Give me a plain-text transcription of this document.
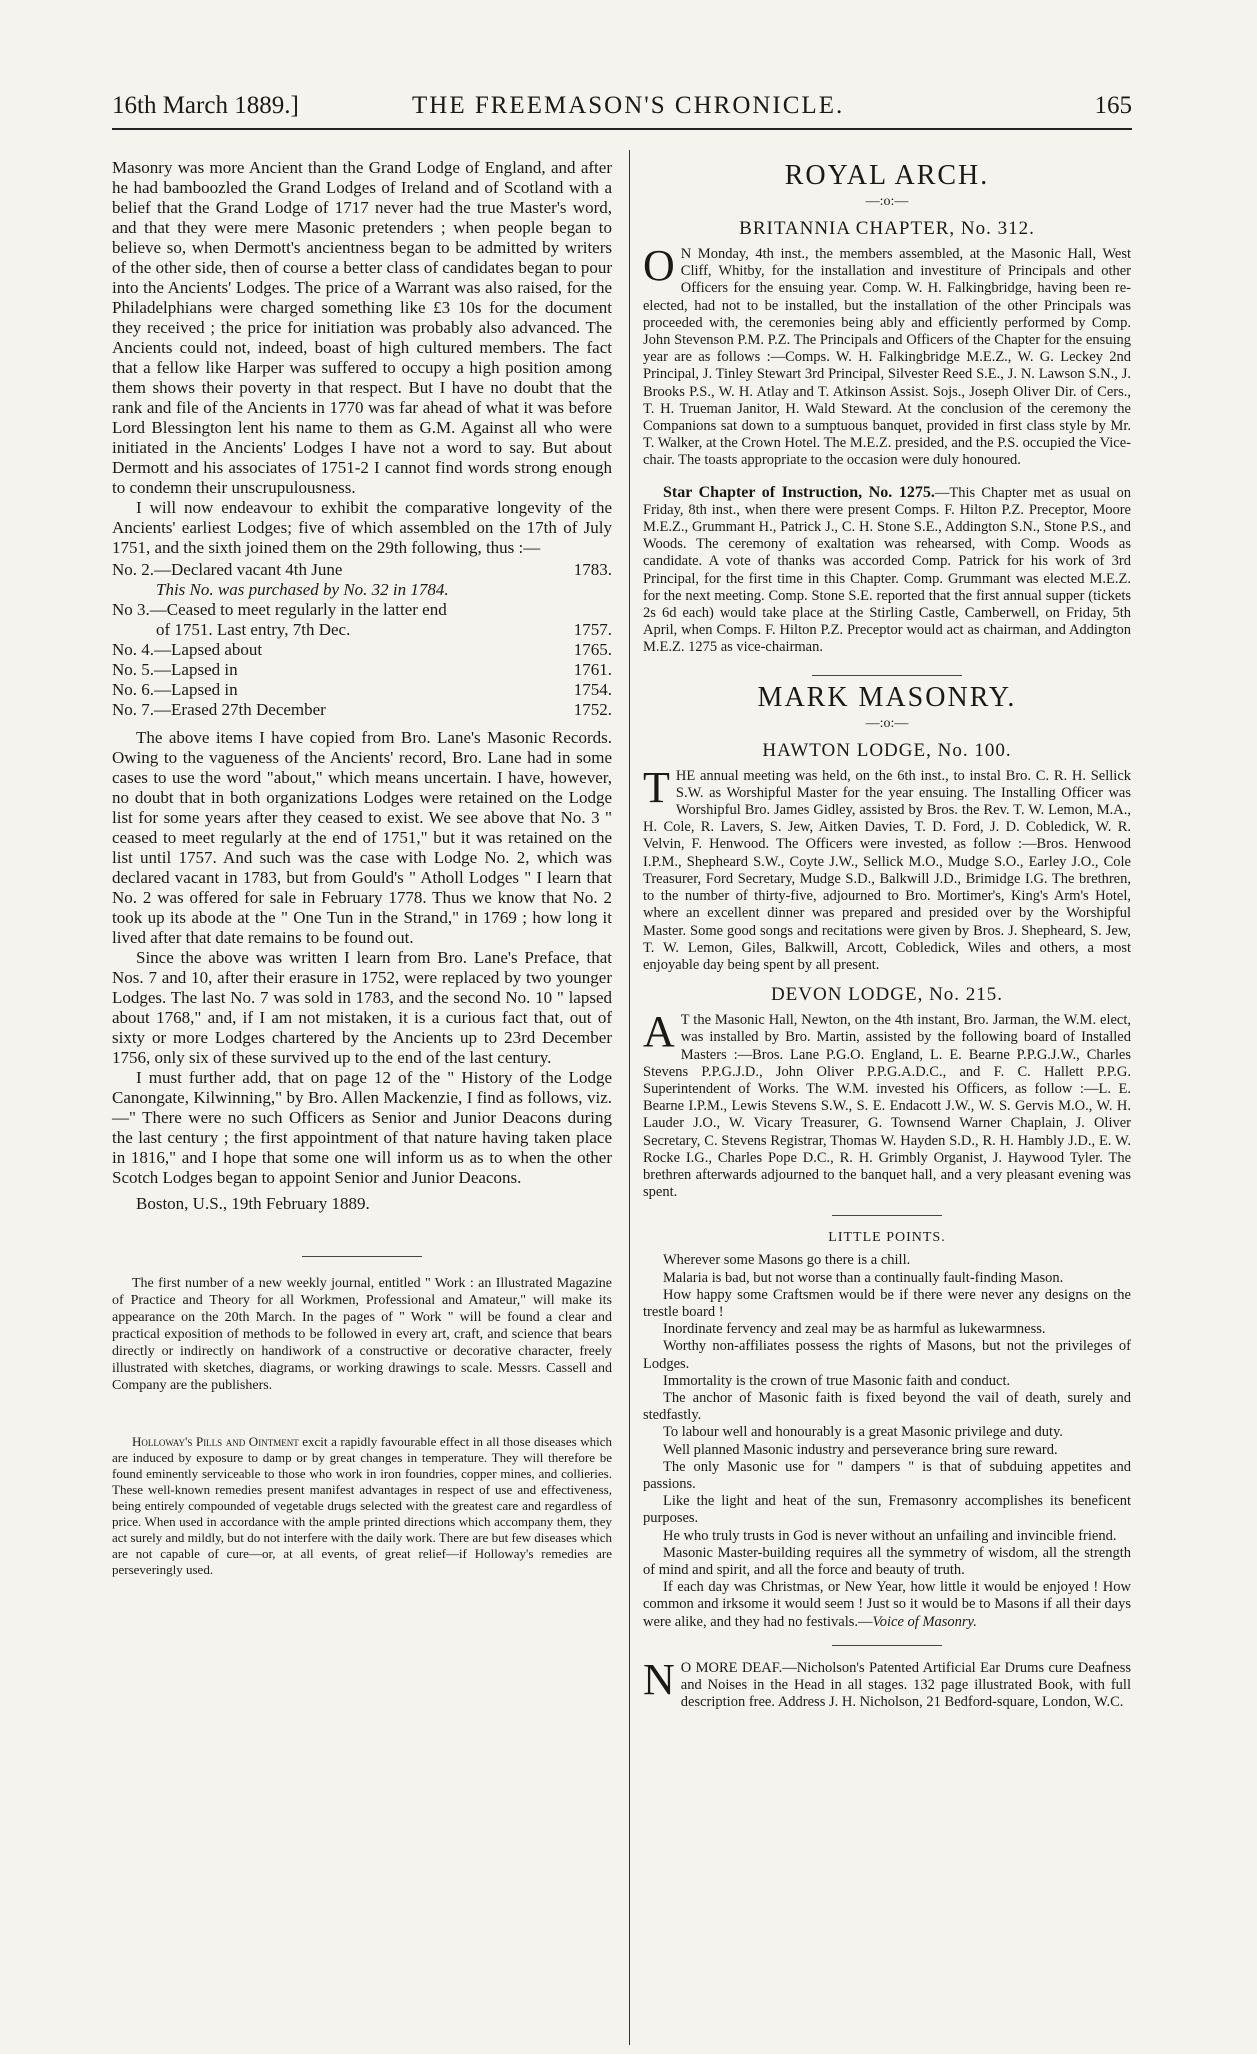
16th March 1889.]	THE FREEMASON'S CHRONICLE.	165

Masonry was more Ancient than the Grand Lodge of England, and after he had bamboozled the Grand Lodges of Ireland and of Scotland with a belief that the Grand Lodge of 1717 never had the true Master's word, and that they were mere Masonic pretenders ; when people began to believe so, when Dermott's ancientness began to be admitted by writers of the other side, then of course a better class of candidates began to pour into the Ancients' Lodges. The price of a Warrant was also raised, for the Philadelphians were charged something like £3 10s for the document they received ; the price for initiation was probably also advanced. The Ancients could not, indeed, boast of high cultured members. The fact that a fellow like Harper was suffered to occupy a high position among them shows their poverty in that respect. But I have no doubt that the rank and file of the Ancients in 1770 was far ahead of what it was before Lord Blessington lent his name to them as G.M. Against all who were initiated in the Ancients' Lodges I have not a word to say. But about Dermott and his associates of 1751-2 I cannot find words strong enough to condemn their unscrupulousness.

I will now endeavour to exhibit the comparative longevity of the Ancients' earliest Lodges; five of which assembled on the 17th of July 1751, and the sixth joined them on the 29th following, thus :—

No. 2.—Declared vacant 4th June	1783.
This No. was purchased by No. 32 in 1784.
No 3.—Ceased to meet regularly in the latter end
of 1751. Last entry, 7th Dec.	1757.
No. 4.—Lapsed about	1765.
No. 5.—Lapsed in	1761.
No. 6.—Lapsed in	1754.
No. 7.—Erased 27th December	1752.

The above items I have copied from Bro. Lane's Masonic Records. Owing to the vagueness of the Ancients' record, Bro. Lane had in some cases to use the word "about," which means uncertain. I have, however, no doubt that in both organizations Lodges were retained on the Lodge list for some years after they ceased to exist. We see above that No. 3 " ceased to meet regularly at the end of 1751," but it was retained on the list until 1757. And such was the case with Lodge No. 2, which was declared vacant in 1783, but from Gould's " Atholl Lodges " I learn that No. 2 was offered for sale in February 1778. Thus we know that No. 2 took up its abode at the " One Tun in the Strand," in 1769 ; how long it lived after that date remains to be found out.

Since the above was written I learn from Bro. Lane's Preface, that Nos. 7 and 10, after their erasure in 1752, were replaced by two younger Lodges. The last No. 7 was sold in 1783, and the second No. 10 " lapsed about 1768," and, if I am not mistaken, it is a curious fact that, out of sixty or more Lodges chartered by the Ancients up to 23rd December 1756, only six of these survived up to the end of the last century.

I must further add, that on page 12 of the " History of the Lodge Canongate, Kilwinning," by Bro. Allen Mackenzie, I find as follows, viz.—" There were no such Officers as Senior and Junior Deacons during the last century ; the first appointment of that nature having taken place in 1816," and I hope that some one will inform us as to when the other Scotch Lodges began to appoint Senior and Junior Deacons.

Boston, U.S., 19th February 1889.

The first number of a new weekly journal, entitled " Work : an Illustrated Magazine of Practice and Theory for all Workmen, Professional and Amateur," will make its appearance on the 20th March. In the pages of " Work " will be found a clear and practical exposition of methods to be followed in every art, craft, and science that bears directly or indirectly on handiwork of a constructive or decorative character, freely illustrated with sketches, diagrams, or working drawings to scale. Messrs. Cassell and Company are the publishers.

Holloway's Pills and Ointment excit a rapidly favourable effect in all those diseases which are induced by exposure to damp or by great changes in temperature. They will therefore be found eminently serviceable to those who work in iron foundries, copper mines, and collieries. These well-known remedies present manifest advantages in respect of use and effectiveness, being entirely compounded of vegetable drugs selected with the greatest care and regardless of price. When used in accordance with the ample printed directions which accompany them, they act surely and mildly, but do not interfere with the daily work. There are but few diseases which are not capable of cure—or, at all events, of great relief—if Holloway's remedies are perseveringly used.

ROYAL ARCH.
—:o:—
BRITANNIA CHAPTER, No. 312.

O N Monday, 4th inst., the members assembled, at the Masonic Hall, West Cliff, Whitby, for the installation and investiture of Principals and other Officers for the ensuing year. Comp. W. H. Falkingbridge, having been re-elected, had not to be installed, but the installation of the other Principals was proceeded with, the ceremonies being ably and efficiently performed by Comp. John Stevenson P.M. P.Z. The Principals and Officers of the Chapter for the ensuing year are as follows :—Comps. W. H. Falkingbridge M.E.Z., W. G. Leckey 2nd Principal, J. Tinley Stewart 3rd Principal, Silvester Reed S.E., J. N. Lawson S.N., J. Brooks P.S., W. H. Atlay and T. Atkinson Assist. Sojs., Joseph Oliver Dir. of Cers., T. H. Trueman Janitor, H. Wald Steward. At the conclusion of the ceremony the Companions sat down to a sumptuous banquet, provided in first class style by Mr. T. Walker, at the Crown Hotel. The M.E.Z. presided, and the P.S. occupied the Vice-chair. The toasts appropriate to the occasion were duly honoured.

Star Chapter of Instruction, No. 1275.—This Chapter met as usual on Friday, 8th inst., when there were present Comps. F. Hilton P.Z. Preceptor, Moore M.E.Z., Grummant H., Patrick J., C. H. Stone S.E., Addington S.N., Stone P.S., and Woods. The ceremony of exaltation was rehearsed, with Comp. Woods as candidate. A vote of thanks was accorded Comp. Patrick for his work of 3rd Principal, for the first time in this Chapter. Comp. Grummant was elected M.E.Z. for the next meeting. Comp. Stone S.E. reported that the first annual supper (tickets 2s 6d each) would take place at the Stirling Castle, Camberwell, on Friday, 5th April, when Comps. F. Hilton P.Z. Preceptor would act as chairman, and Addington M.E.Z. 1275 as vice-chairman.

MARK MASONRY.
—:o:—
HAWTON LODGE, No. 100.

THE annual meeting was held, on the 6th inst., to instal Bro. C. R. H. Sellick S.W. as Worshipful Master for the year ensuing. The Installing Officer was Worshipful Bro. James Gidley, assisted by Bros. the Rev. T. W. Lemon, M.A., H. Cole, R. Lavers, S. Jew, Aitken Davies, T. D. Ford, J. D. Cobledick, W. R. Velvin, F. Henwood. The Officers were invested, as follow :—Bros. Henwood I.P.M., Shepheard S.W., Coyte J.W., Sellick M.O., Mudge S.O., Earley J.O., Cole Treasurer, Ford Secretary, Mudge S.D., Balkwill J.D., Brimidge I.G. The brethren, to the number of thirty-five, adjourned to Bro. Mortimer's, King's Arm's Hotel, where an excellent dinner was prepared and presided over by the Worshipful Master. Some good songs and recitations were given by Bros. J. Shepheard, S. Jew, T. W. Lemon, Giles, Balkwill, Arcott, Cobledick, Wiles and others, a most enjoyable day being spent by all present.

DEVON LODGE, No. 215.

A T the Masonic Hall, Newton, on the 4th instant, Bro. Jarman, the W.M. elect, was installed by Bro. Martin, assisted by the following board of Installed Masters :—Bros. Lane P.G.O. England, L. E. Bearne P.P.G.J.W., Charles Stevens P.P.G.J.D., John Oliver P.P.G.A.D.C., and F. C. Hallett P.P.G. Superintendent of Works. The W.M. invested his Officers, as follow :—L. E. Bearne I.P.M., Lewis Stevens S.W., S. E. Endacott J.W., W. S. Gervis M.O., W. H. Lauder J.O., W. Vicary Treasurer, G. Townsend Warner Chaplain, J. Oliver Secretary, C. Stevens Registrar, Thomas W. Hayden S.D., R. H. Hambly J.D., E. W. Rocke I.G., Charles Pope D.C., R. H. Grimbly Organist, J. Haywood Tyler. The brethren afterwards adjourned to the banquet hall, and a very pleasant evening was spent.

LITTLE POINTS.

Wherever some Masons go there is a chill.

Malaria is bad, but not worse than a continually fault-finding Mason.

How happy some Craftsmen would be if there were never any designs on the trestle board !

Inordinate fervency and zeal may be as harmful as lukewarmness.

Worthy non-affiliates possess the rights of Masons, but not the privileges of Lodges.

Immortality is the crown of true Masonic faith and conduct.

The anchor of Masonic faith is fixed beyond the vail of death, surely and stedfastly.

To labour well and honourably is a great Masonic privilege and duty.

Well planned Masonic industry and perseverance bring sure reward.

The only Masonic use for " dampers " is that of subduing appetites and passions.

Like the light and heat of the sun, Fremasonry accomplishes its beneficent purposes.

He who truly trusts in God is never without an unfailing and invincible friend.

Masonic Master-building requires all the symmetry of wisdom, all the strength of mind and spirit, and all the force and beauty of truth.

If each day was Christmas, or New Year, how little it would be enjoyed ! How common and irksome it would seem ! Just so it would be to Masons if all their days were alike, and they had no festivals.—Voice of Masonry.

N O MORE DEAF.—Nicholson's Patented Artificial Ear Drums cure Deafness and Noises in the Head in all stages. 132 page illustrated Book, with full description free. Address J. H. Nicholson, 21 Bedford-square, London, W.C.
